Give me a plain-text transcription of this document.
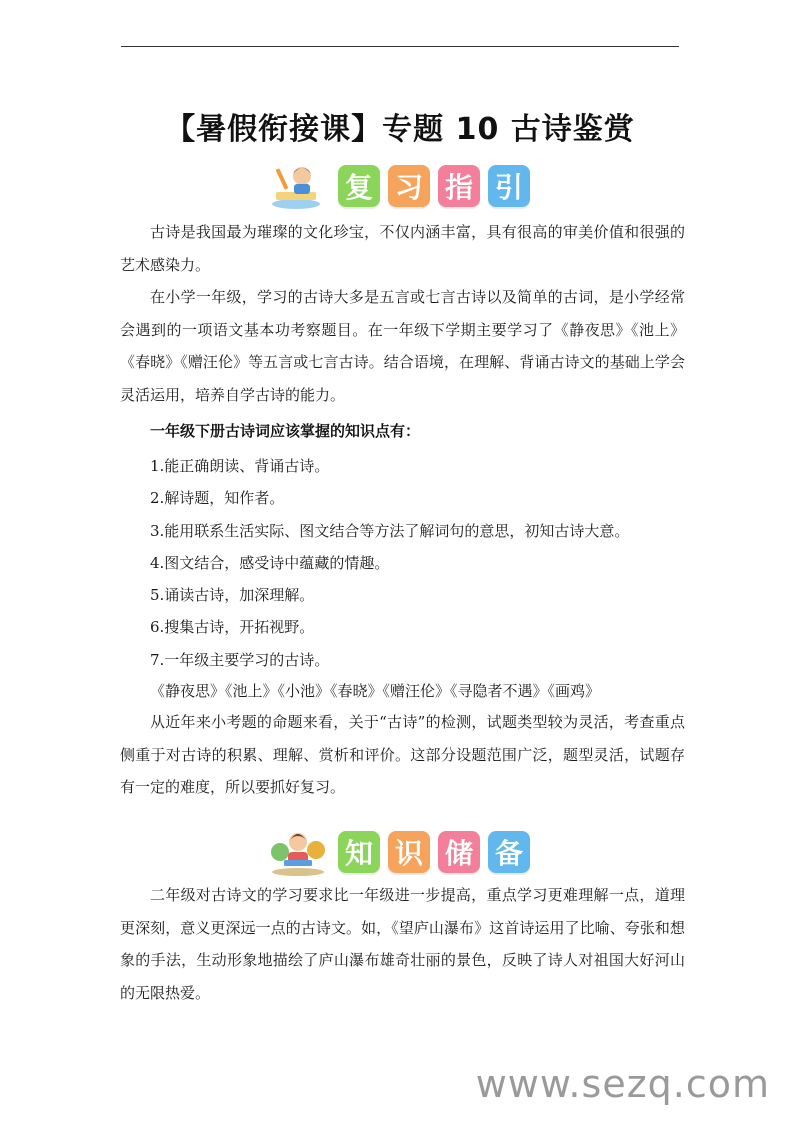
【暑假衔接课】专题 10 古诗鉴赏
复 习 指 引
古诗是我国最为璀璨的文化珍宝，不仅内涵丰富，具有很高的审美价值和很强的艺术感染力。
在小学一年级，学习的古诗大多是五言或七言古诗以及简单的古词，是小学经常会遇到的一项语文基本功考察题目。在一年级下学期主要学习了《静夜思》《池上》《春晓》《赠汪伦》等五言或七言古诗。结合语境，在理解、背诵古诗文的基础上学会灵活运用，培养自学古诗的能力。
一年级下册古诗词应该掌握的知识点有：
1.能正确朗读、背诵古诗。
2.解诗题，知作者。
3.能用联系生活实际、图文结合等方法了解词句的意思，初知古诗大意。
4.图文结合，感受诗中蕴藏的情趣。
5.诵读古诗，加深理解。
6.搜集古诗，开拓视野。
7.一年级主要学习的古诗。
《静夜思》《池上》《小池》《春晓》《赠汪伦》《寻隐者不遇》《画鸡》
从近年来小考题的命题来看，关于“古诗”的检测，试题类型较为灵活，考查重点侧重于对古诗的积累、理解、赏析和评价。这部分设题范围广泛，题型灵活，试题存有一定的难度，所以要抓好复习。
知 识 储 备
二年级对古诗文的学习要求比一年级进一步提高，重点学习更难理解一点，道理更深刻，意义更深远一点的古诗文。如，《望庐山瀑布》这首诗运用了比喻、夸张和想象的手法，生动形象地描绘了庐山瀑布雄奇壮丽的景色，反映了诗人对祖国大好河山的无限热爱。
www.sezq.com
